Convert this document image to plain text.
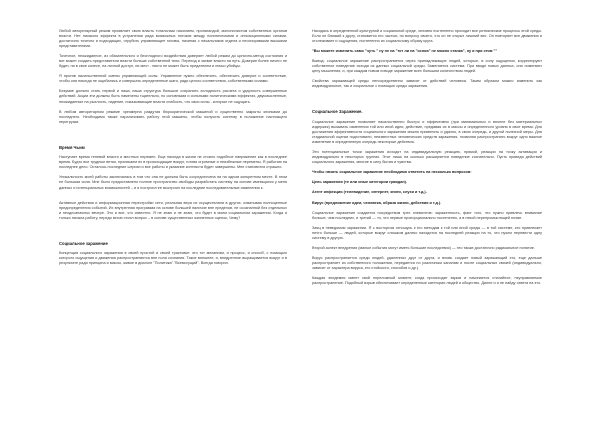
Любой авторитарный режим проявляет свою власть тотальным насилием, пропагандой, монополистом собственных органов власти. Нет никакого эффекта в устранении ряда возможных потоков между политическими и оппозиционными силами, достаточно точечно и подходящих, отрубить управляющее головы, начиная с начальников отдела и неоспоримыми высшими представителями.

Точечное, неожиданное, из обязательного и бесплодного воздействия доверяет любой режим до цинично-метод состояния и вот может создать представители власти больше собственной тени. Переход и захват власти на путь. Доверие более ничего не будет, ни в свое колесе, на личной доступ, ни мест - никто не может быть предателем и ничьи убийцы.

Я против насильственной смены управляющей силы. Управление нужно обеспечить, обеспечить доверие и соответствие, чтобы они никогда не ощибались и совершать определенные шаги, ради целого соответствия, собственными силами.

Безумие должно стать первой и лишь наша структура большое сохранить холодность расчета и ударность совершенные действий. Акции эти должны быть намечены тщательно, но основными и сильными политическими эффектах, двусмысленные, неожиданные на рыхлость, падение, показывающие власти слабость, что свои силы - которые не ощущать.

В любом авторитарном режиме чрезмерна раздутая бюрократической машиной и существенно закрыты кнопками до последнего. Необходимо также парализовать работу этой машины, чтобы получить систему в положение настоящего перегрузки.

Время Чьим

Наступает время теневой власти и местных перемен. Еще никогда в жизни не стоило подобное напряжение как в последнее время. Будто все трудные ветки, проникаем их в происходящие вокруг, готовя огромные и неизбежные перемены. Я работаю на последнее дело. Осталось последние штрихи и все работы и указание контекста будет завершены. Мне становится страшно.

Уникальность моей работы заключалась в том что она не должна быть сосредоточена ни на одном конкретном месте. В этом ее большая сила. Мне было предоставлено полное пространство свободы разработать систему на основе имеющихся у меня данных и потенциальных возможностей – и я построил ее выстроил на последние последовательные изменения к.

Активные действия и информационная перестройки сети, реальная вера их осуществляли в других, охватывая полноценные предопределения событий. Их внутренняя программа на основе большей наличие вне пределов, не осознанной без отдельных и неоднозначных вечере. Это и все, что известно. Я не знаю и не знаю, что будет в моем социальном заражении. Когда я только начала работу, передо мною стоял вопрос – в основе существенных жизненных оценок, Чему?

Социальное заражение

Концепция социального заражения в своей простой и своей трактовке: это тот механизм, и процесс, и способ, с помощью которого ощущения и движения распространяются вне поля сознания. Такое внешнее, и, внедренное выращивается вокруг и в результате ради принципа и массы, живое в диалоге "Политика" "Всемогущий". Всегда говорил.

Находясь в определенной культурной и социальной среде, человек постепенно проходит все ритмические процессы этой среды. Если он близкий к другу, становится его частью, по вопросу своего, что он не открыт лишний вес. Он повторяет все движения и отслеживает и ощущения, постепенно их социальному образу круга.

"Вы можете изменить само "чуть " ну не на "тот ли на "основ" не можно станка", ну и при этом ""

Вывод: социальное заражение распространяется через принадлежащие людей, которые, в силу ощущения, корректируют собственное поведение исходя из данных социальной среды. Заменяется система. При вводе новых данных, они поменяют цену мышления, и, при каждом новом поводе заражение всех большим количеством людей.

Свойства заражающей среды непосредственно зависят от действий человека. Таким образом можно изменить как индивидуальное, так и социальное с помощью среды заражения.

Социальное Заражение.

Социальное заражение позволяет насильственно быстро и эффективно (при минимальных и вполне без материальных издержек) вызывать изменения той или иной идеи, действие, предавая их в массы и определенного уровня в свое время. Для достижения эффективности социального заражения можно применять и удачно, в свою очередь, и другой полезной меры. Для стадиальной оценки подготовили, неизвестных человеческих средств заражения, позволяя распространить вокруг одно важное изменение в определенную очередь некоторые действия.

Эти потенциальные точки заражения исходят на индивидуальную реакцию, прямой, реакции на точку активации и индивидуально в некоторых группах. Этот лишь на сколько расширяется поведение сознательно. Пусть приведя действий социального заражения, многие в силу бытия и чувства.

Чтобы начать социальное заражение необходимо ответить на несколько вопросов:

Цель заражения (те или иные категории граждан).

Агент инфекции (телевидение, интернет, книги, слухи и т.д.).

Вирус (предложение идеи, человека, образа жизни, действия и т.д.).

Социальное заражение создается посредством трех элементов: зараженность, факт того, что нужно привлечь внимание больше, чем последних, и третий — то, что первые пропорционально постепенно, а в некой перепромыслящей почве.

Заяц в неведомом заражении. Я с восторгом отношусь к его методам к той или иной среды — в той системе, кто привлекает нечто больше — людей, которые вокруг слишком далеко находятся на последней реакции на то, что нужно перевести одну систему в другую.

Второй аспект внедрения (малые события могут иметь большие последствия) — это также достаточно радикальное понятие.

Вирус распространяется среди людей, удаленных друг от друга, и вновь создает новый заражающий его, еще дальше распространяет из собственного положения, передается по различным каналам и после социальных связей (индивидуально, зависит от характера вируса, его стойкости, способов и др.).

Каждая эпидемия имеет свой переломный момент, когда происходит взрыв и начинается стихийное, неуправляемое распространение. Подобный взрыв обеспечивает определенные категории людей и общество. Далее и я не найду ответа на это.
